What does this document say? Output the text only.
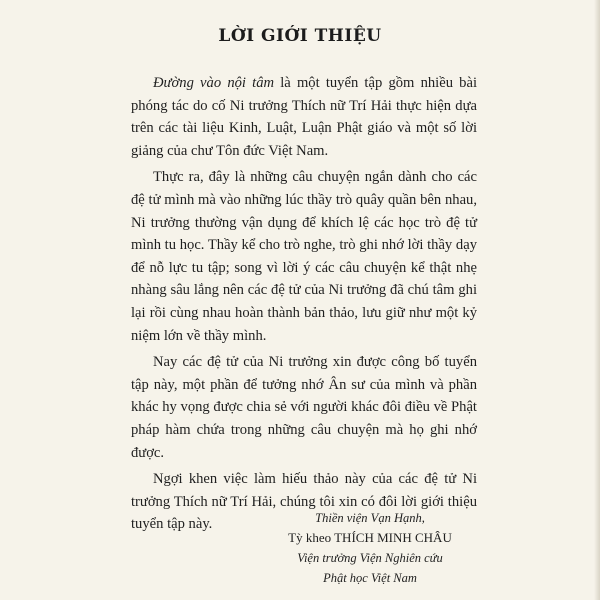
LỜI GIỚI THIỆU

Đường vào nội tâm là một tuyển tập gồm nhiều bài phóng tác do cố Ni trưởng Thích nữ Trí Hải thực hiện dựa trên các tài liệu Kinh, Luật, Luận Phật giáo và một số lời giảng của chư Tôn đức Việt Nam.

Thực ra, đây là những câu chuyện ngắn dành cho các đệ tử mình mà vào những lúc thầy trò quây quần bên nhau, Ni trưởng thường vận dụng để khích lệ các học trò đệ tử mình tu học. Thầy kể cho trò nghe, trò ghi nhớ lời thầy dạy để nỗ lực tu tập; song vì lời ý các câu chuyện kể thật nhẹ nhàng sâu lắng nên các đệ tử của Ni trưởng đã chú tâm ghi lại rồi cùng nhau hoàn thành bản thảo, lưu giữ như một kỷ niệm lớn về thầy mình.

Nay các đệ tử của Ni trưởng xin được công bố tuyển tập này, một phần để tưởng nhớ Ân sư của mình và phần khác hy vọng được chia sẻ với người khác đôi điều về Phật pháp hàm chứa trong những câu chuyện mà họ ghi nhớ được.

Ngợi khen việc làm hiếu thảo này của các đệ tử Ni trưởng Thích nữ Trí Hải, chúng tôi xin có đôi lời giới thiệu tuyển tập này.	Thiền viện Vạn Hạnh,
Tỳ kheo THÍCH MINH CHÂU
Viện trưởng Viện Nghiên cứu
Phật học Việt Nam
